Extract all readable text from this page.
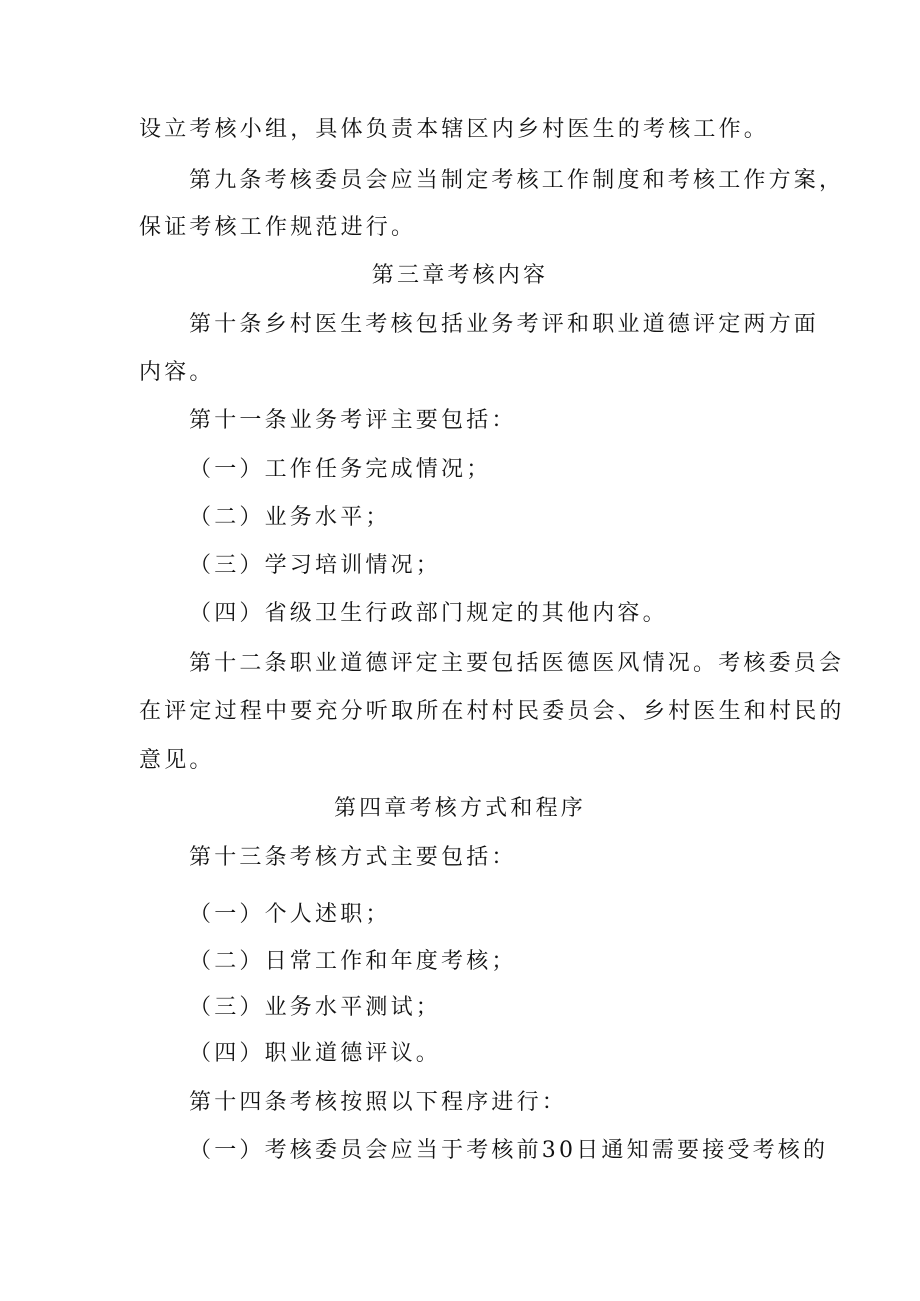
设立考核小组，具体负责本辖区内乡村医生的考核工作。
第九条考核委员会应当制定考核工作制度和考核工作方案，
保证考核工作规范进行。
第三章考核内容
第十条乡村医生考核包括业务考评和职业道德评定两方面
内容。
第十一条业务考评主要包括：
（一）工作任务完成情况；
（二）业务水平；
（三）学习培训情况；
（四）省级卫生行政部门规定的其他内容。
第十二条职业道德评定主要包括医德医风情况。考核委员会
在评定过程中要充分听取所在村村民委员会、乡村医生和村民的
意见。
第四章考核方式和程序
第十三条考核方式主要包括：
（一）个人述职；
（二）日常工作和年度考核；
（三）业务水平测试；
（四）职业道德评议。
第十四条考核按照以下程序进行：
（一）考核委员会应当于考核前30日通知需要接受考核的
